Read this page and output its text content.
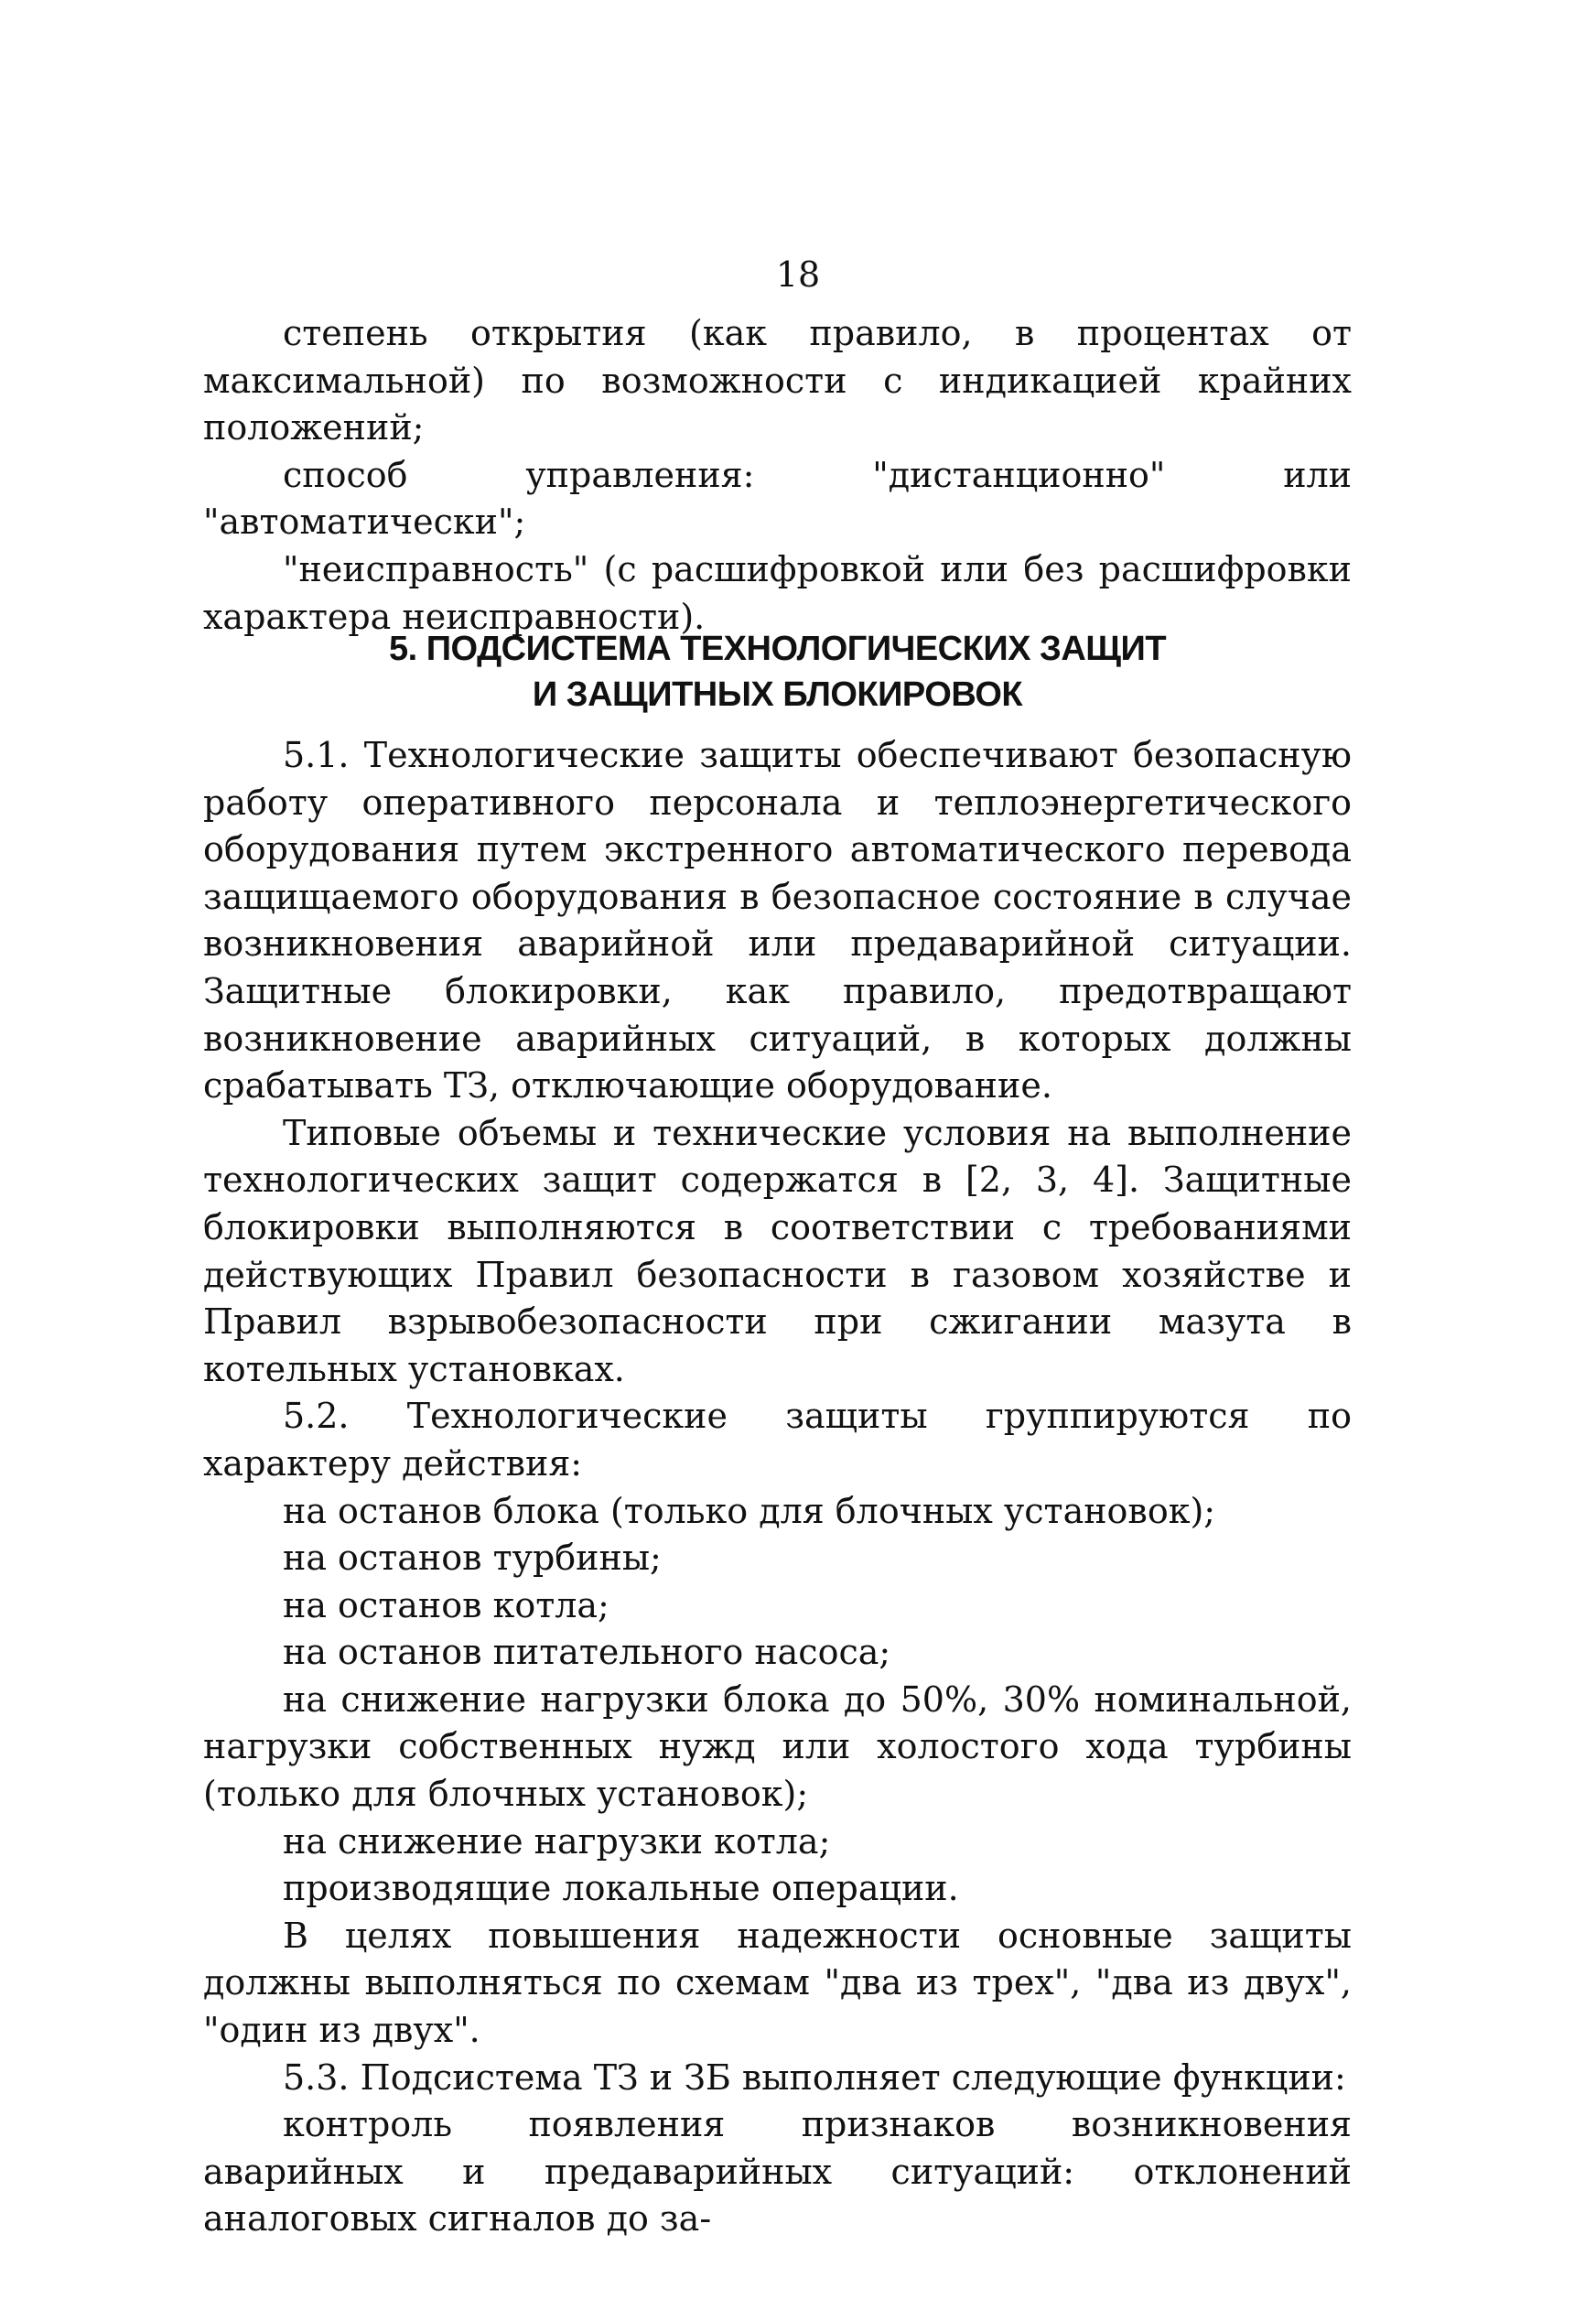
18

степень открытия (как правило, в процентах от максимальной) по возможности с индикацией крайних положений;

способ управления: "дистанционно" или "автоматически";

"неисправность" (с расшифровкой или без расшифровки характера неисправности).

5. ПОДСИСТЕМА ТЕХНОЛОГИЧЕСКИХ ЗАЩИТ
И ЗАЩИТНЫХ БЛОКИРОВОК

5.1. Технологические защиты обеспечивают безопасную работу оперативного персонала и теплоэнергетического оборудования путем экстренного автоматического перевода защищаемого оборудования в безопасное состояние в случае возникновения аварийной или предаварийной ситуации. Защитные блокировки, как правило, предотвращают возникновение аварийных ситуаций, в которых должны срабатывать ТЗ, отключающие оборудование.

Типовые объемы и технические условия на выполнение технологических защит содержатся в [2, 3, 4]. Защитные блокировки выполняются в соответствии с требованиями действующих Правил безопасности в газовом хозяйстве и Правил взрывобезопасности при сжигании мазута в котельных установках.

5.2. Технологические защиты группируются по характеру действия:

на останов блока (только для блочных установок);

на останов турбины;

на останов котла;

на останов питательного насоса;

на снижение нагрузки блока до 50%, 30% номинальной, нагрузки собственных нужд или холостого хода турбины (только для блочных установок);

на снижение нагрузки котла;

производящие локальные операции.

В целях повышения надежности основные защиты должны выполняться по схемам "два из трех", "два из двух", "один из двух".

5.3. Подсистема ТЗ и ЗБ выполняет следующие функции:

контроль появления признаков возникновения аварийных и предаварийных ситуаций: отклонений аналоговых сигналов до за-
